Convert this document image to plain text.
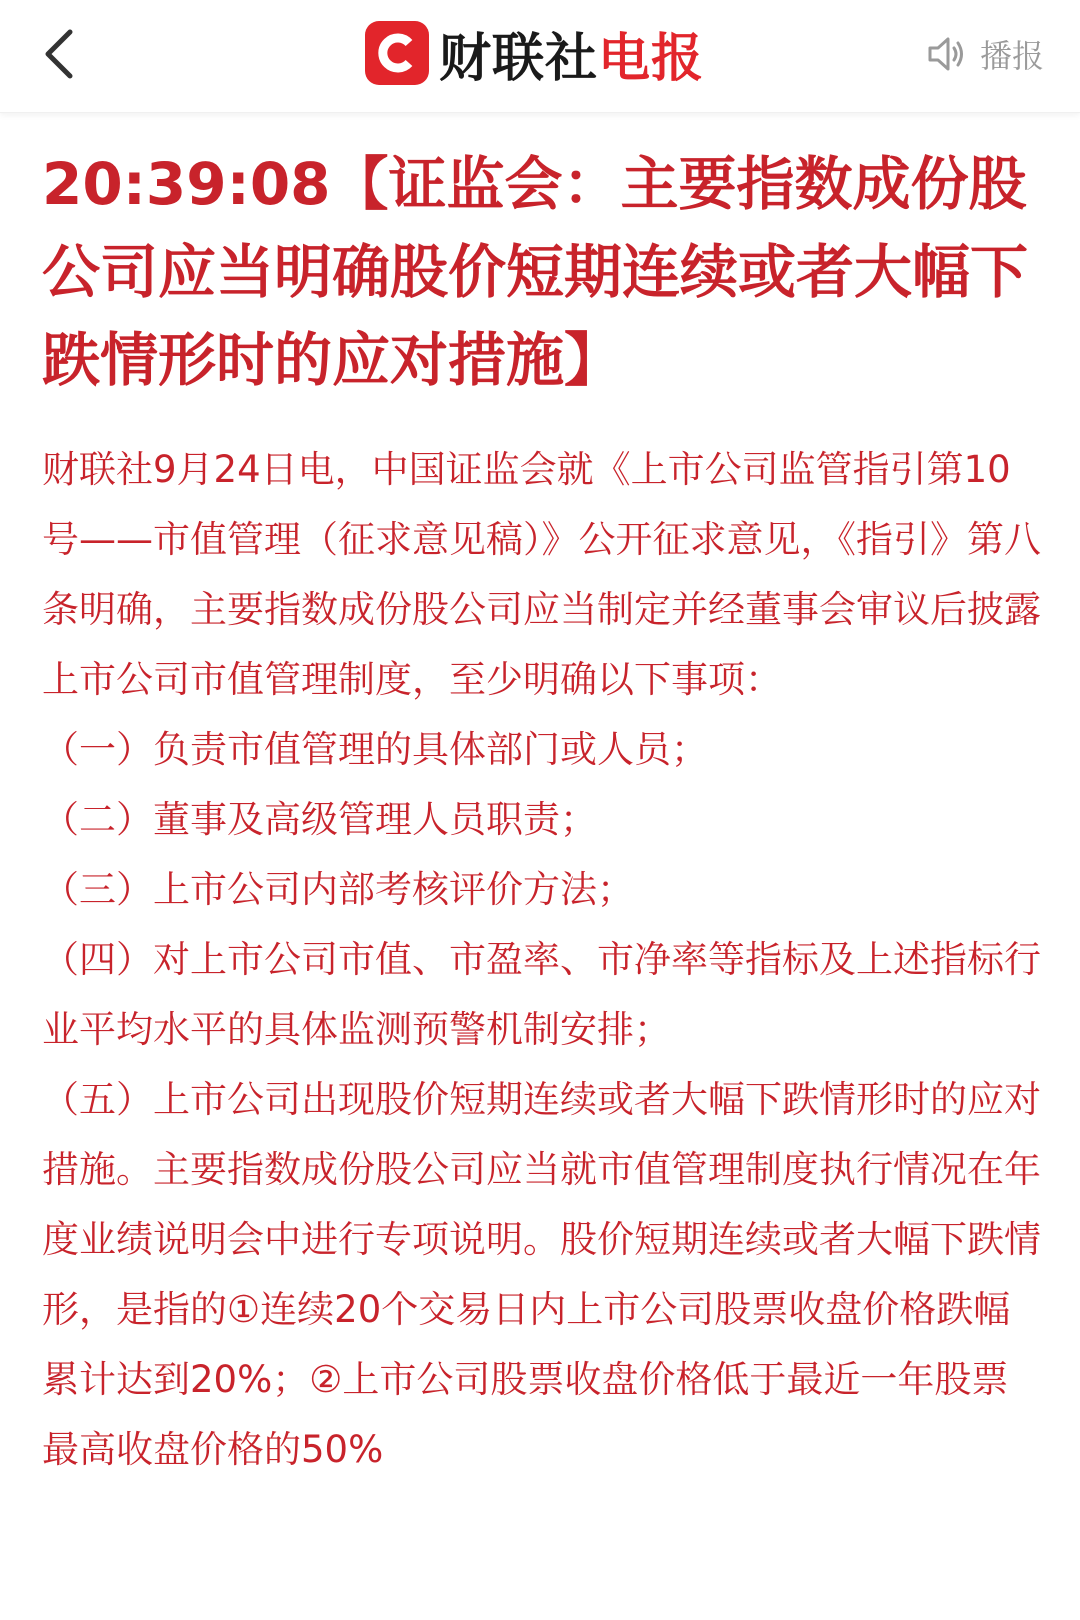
财联社 电报	播报
20:39:08【证监会：主要指数成份股公司应当明确股价短期连续或者大幅下跌情形时的应对措施】

财联社9月24日电，中国证监会就《上市公司监管指引第10号——市值管理（征求意见稿）》公开征求意见，《指引》第八条明确，主要指数成份股公司应当制定并经董事会审议后披露上市公司市值管理制度，至少明确以下事项：

（一）负责市值管理的具体部门或人员；

（二）董事及高级管理人员职责；

（三）上市公司内部考核评价方法；

（四）对上市公司市值、市盈率、市净率等指标及上述指标行业平均水平的具体监测预警机制安排；

（五）上市公司出现股价短期连续或者大幅下跌情形时的应对措施。主要指数成份股公司应当就市值管理制度执行情况在年度业绩说明会中进行专项说明。股价短期连续或者大幅下跌情形，是指的①连续20个交易日内上市公司股票收盘价格跌幅累计达到20%；②上市公司股票收盘价格低于最近一年股票最高收盘价格的50%
